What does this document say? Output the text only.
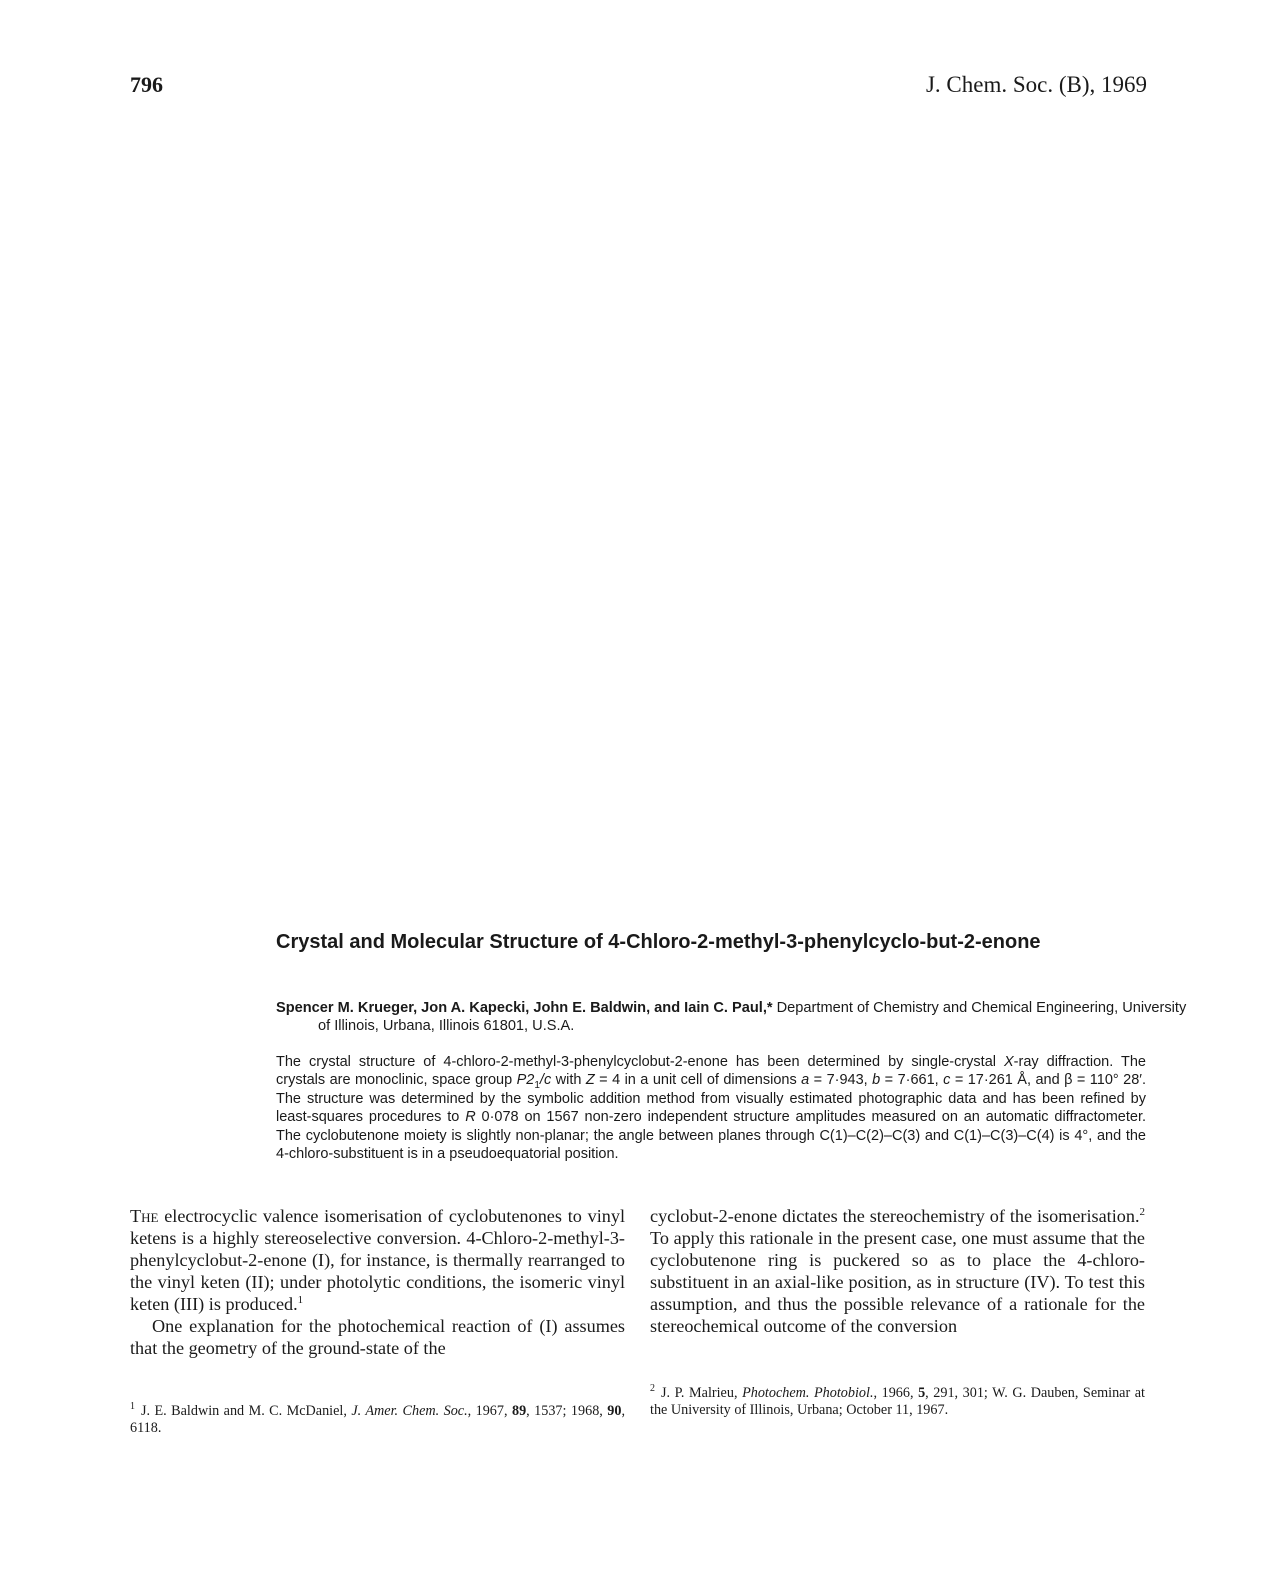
796	J. Chem. Soc. (B), 1969
Crystal and Molecular Structure of 4-Chloro-2-methyl-3-phenylcyclo-but-2-enone

Spencer M. Krueger, Jon A. Kapecki, John E. Baldwin, and Iain C. Paul,* Department of Chemistry and Chemical Engineering, University of Illinois, Urbana, Illinois 61801, U.S.A.

The crystal structure of 4-chloro-2-methyl-3-phenylcyclobut-2-enone has been determined by single-crystal X-ray diffraction. The crystals are monoclinic, space group $P2_1/c$ with Z = 4 in a unit cell of dimensions a = 7·943, b = 7·661, c = 17·261 Å, and β = 110° 28′. The structure was determined by the symbolic addition method from visually estimated photographic data and has been refined by least-squares procedures to R 0·078 on 1567 non-zero independent structure amplitudes measured on an automatic diffractometer. The cyclobutenone moiety is slightly non-planar; the angle between planes through C(1)–C(2)–C(3) and C(1)–C(3)–C(4) is 4°, and the 4-chloro-substituent is in a pseudoequatorial position.

The electrocyclic valence isomerisation of cyclobutenones to vinyl ketens is a highly stereoselective conversion. 4-Chloro-2-methyl-3-phenylcyclobut-2-enone (I), for instance, is thermally rearranged to the vinyl keten (II); under photolytic conditions, the isomeric vinyl keten (III) is produced.$^1$

One explanation for the photochemical reaction of (I) assumes that the geometry of the ground-state of the

cyclobut-2-enone dictates the stereochemistry of the isomerisation.$^2$ To apply this rationale in the present case, one must assume that the cyclobutenone ring is puckered so as to place the 4-chloro-substituent in an axial-like position, as in structure (IV). To test this assumption, and thus the possible relevance of a rationale for the stereochemical outcome of the conversion

$^1$ J. E. Baldwin and M. C. McDaniel, J. Amer. Chem. Soc., 1967, 89, 1537; 1968, 90, 6118.
$^2$ J. P. Malrieu, Photochem. Photobiol., 1966, 5, 291, 301; W. G. Dauben, Seminar at the University of Illinois, Urbana; October 11, 1967.
